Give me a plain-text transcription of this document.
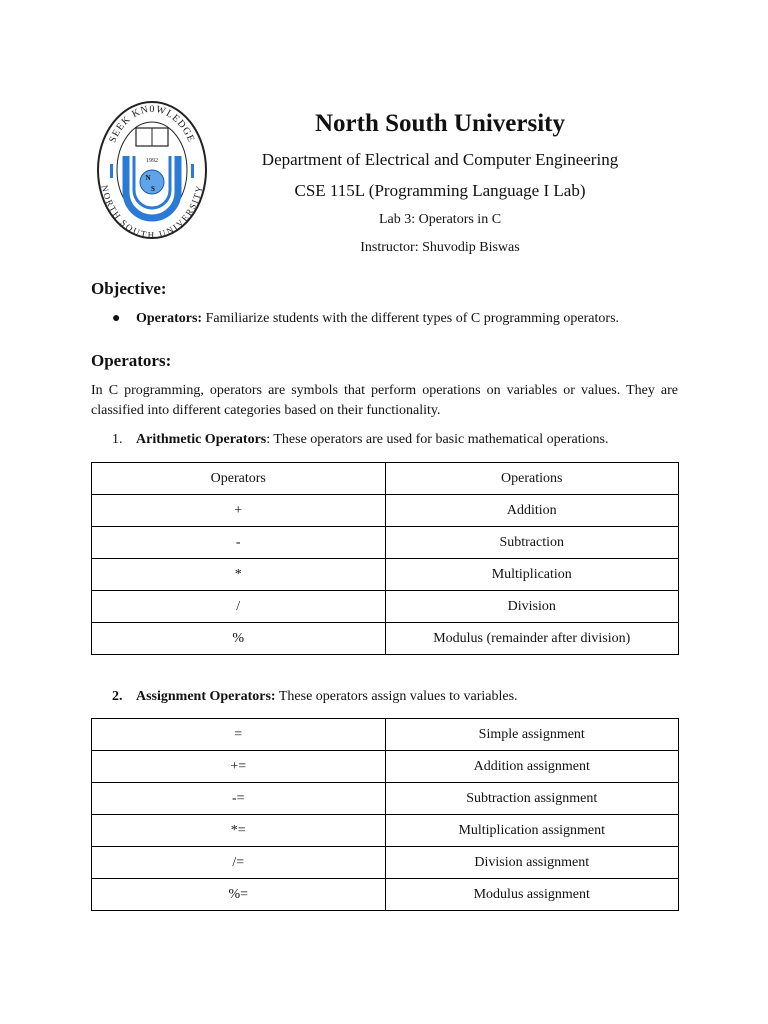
SEEK KN0WLEDGE
NORTH SOUTH UNIVERSITY
1992
N
S
North South University
Department of Electrical and Computer Engineering
CSE 115L (Programming Language I Lab)
Lab 3: Operators in C
Instructor: Shuvodip Biswas
Objective:
● Operators: Familiarize students with the different types of C programming operators.
Operators:
In C programming, operators are symbols that perform operations on variables or values. They are classified into different categories based on their functionality.
1. Arithmetic Operators: These operators are used for basic mathematical operations.
Operators	Operations
+	Addition
-	Subtraction
*	Multiplication
/	Division
%	Modulus (remainder after division)
2. Assignment Operators: These operators assign values to variables.
=	Simple assignment
+=	Addition assignment
-=	Subtraction assignment
*=	Multiplication assignment
/=	Division assignment
%=	Modulus assignment
